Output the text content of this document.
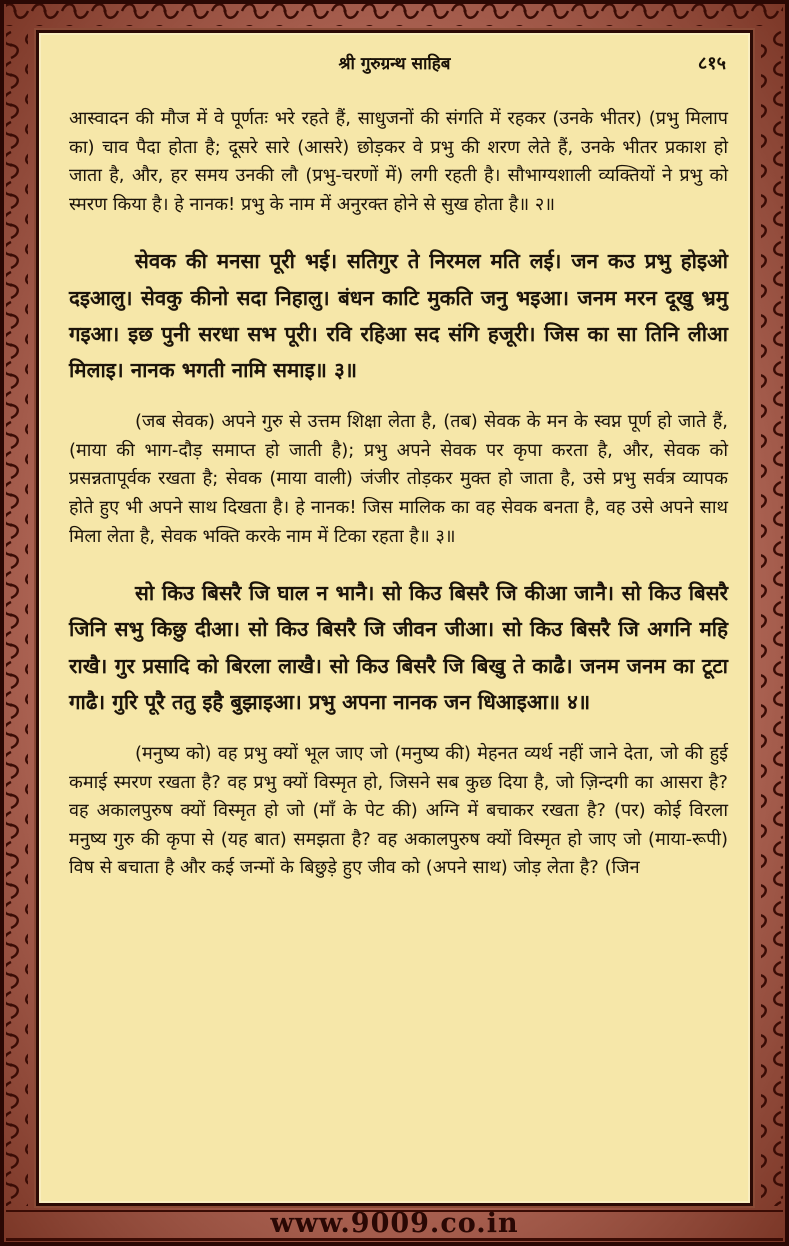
श्री गुरुग्रन्थ साहिब	८१५

आस्वादन की मौज में वे पूर्णतः भरे रहते हैं, साधुजनों की संगति में रहकर (उनके भीतर) (प्रभु मिलाप का) चाव पैदा होता है; दूसरे सारे (आसरे) छोड़कर वे प्रभु की शरण लेते हैं, उनके भीतर प्रकाश हो जाता है, और, हर समय उनकी लौ (प्रभु-चरणों में) लगी रहती है। सौभाग्यशाली व्यक्तियों ने प्रभु को स्मरण किया है। हे नानक! प्रभु के नाम में अनुरक्त होने से सुख होता है॥ २॥

सेवक की मनसा पूरी भई। सतिगुर ते निरमल मति लई। जन कउ प्रभु होइओ दइआलु। सेवकु कीनो सदा निहालु। बंधन काटि मुकति जनु भइआ। जनम मरन दूखु भ्रमु गइआ। इछ पुनी सरधा सभ पूरी। रवि रहिआ सद संगि हजूरी। जिस का सा तिनि लीआ मिलाइ। नानक भगती नामि समाइ॥ ३॥

(जब सेवक) अपने गुरु से उत्तम शिक्षा लेता है, (तब) सेवक के मन के स्वप्न पूर्ण हो जाते हैं, (माया की भाग-दौड़ समाप्त हो जाती है); प्रभु अपने सेवक पर कृपा करता है, और, सेवक को प्रसन्नतापूर्वक रखता है; सेवक (माया वाली) जंजीर तोड़कर मुक्त हो जाता है, उसे प्रभु सर्वत्र व्यापक होते हुए भी अपने साथ दिखता है। हे नानक! जिस मालिक का वह सेवक बनता है, वह उसे अपने साथ मिला लेता है, सेवक भक्ति करके नाम में टिका रहता है॥ ३॥

सो किउ बिसरै जि घाल न भानै। सो किउ बिसरै जि कीआ जानै। सो किउ बिसरै जिनि सभु किछु दीआ। सो किउ बिसरै जि जीवन जीआ। सो किउ बिसरै जि अगनि महि राखै। गुर प्रसादि को बिरला लाखै। सो किउ बिसरै जि बिखु ते काढै। जनम जनम का टूटा गाढै। गुरि पूरै ततु इहै बुझाइआ। प्रभु अपना नानक जन धिआइआ॥ ४॥

(मनुष्य को) वह प्रभु क्यों भूल जाए जो (मनुष्य की) मेहनत व्यर्थ नहीं जाने देता, जो की हुई कमाई स्मरण रखता है? वह प्रभु क्यों विस्मृत हो, जिसने सब कुछ दिया है, जो ज़िन्दगी का आसरा है? वह अकालपुरुष क्यों विस्मृत हो जो (माँ के पेट की) अग्नि में बचाकर रखता है? (पर) कोई विरला मनुष्य गुरु की कृपा से (यह बात) समझता है? वह अकालपुरुष क्यों विस्मृत हो जाए जो (माया-रूपी) विष से बचाता है और कई जन्मों के बिछुड़े हुए जीव को (अपने साथ) जोड़ लेता है? (जिन

www.9009.co.in
